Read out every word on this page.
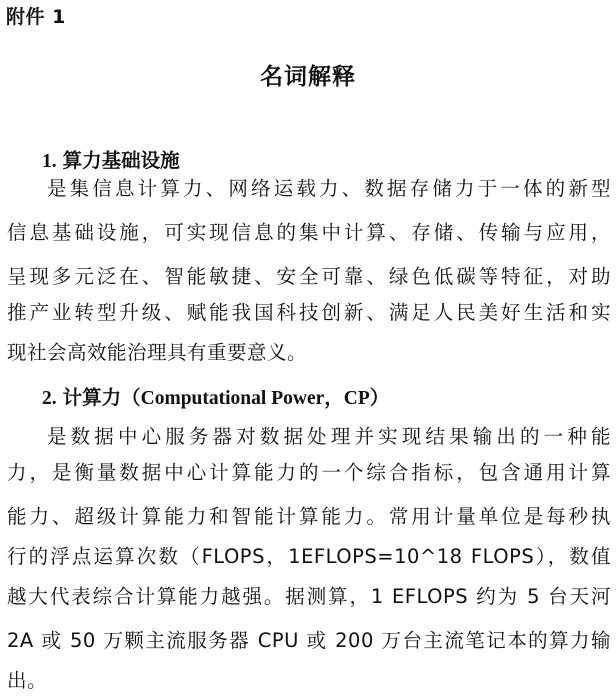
附件 1
名词解释
1. 算力基础设施
是集信息计算力、网络运载力、数据存储力于一体的新型
信息基础设施，可实现信息的集中计算、存储、传输与应用，
呈现多元泛在、智能敏捷、安全可靠、绿色低碳等特征，对助
推产业转型升级、赋能我国科技创新、满足人民美好生活和实
现社会高效能治理具有重要意义。
2. 计算力（Computational Power，CP）
是数据中心服务器对数据处理并实现结果输出的一种能
力，是衡量数据中心计算能力的一个综合指标，包含通用计算
能力、超级计算能力和智能计算能力。常用计量单位是每秒执
行的浮点运算次数（FLOPS，1EFLOPS=10^18 FLOPS），数值
越大代表综合计算能力越强。据测算，1 EFLOPS 约为 5 台天河
2A 或 50 万颗主流服务器 CPU 或 200 万台主流笔记本的算力输
出。
